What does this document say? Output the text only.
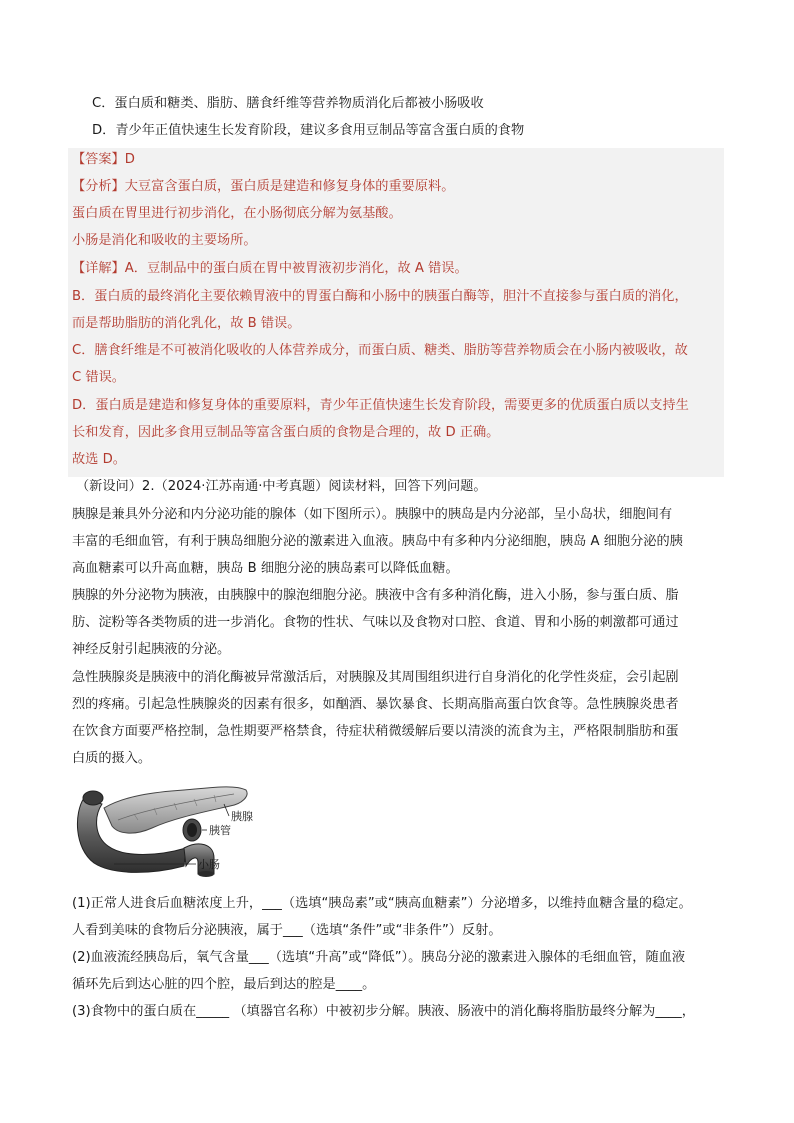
C．蛋白质和糖类、脂肪、膳食纤维等营养物质消化后都被小肠吸收
D．青少年正值快速生长发育阶段，建议多食用豆制品等富含蛋白质的食物
【答案】D
【分析】大豆富含蛋白质，蛋白质是建造和修复身体的重要原料。
蛋白质在胃里进行初步消化，在小肠彻底分解为氨基酸。
小肠是消化和吸收的主要场所。
【详解】A．豆制品中的蛋白质在胃中被胃液初步消化，故 A 错误。
B．蛋白质的最终消化主要依赖胃液中的胃蛋白酶和小肠中的胰蛋白酶等，胆汁不直接参与蛋白质的消化，
而是帮助脂肪的消化乳化，故 B 错误。
C．膳食纤维是不可被消化吸收的人体营养成分，而蛋白质、糖类、脂肪等营养物质会在小肠内被吸收，故
C 错误。
D．蛋白质是建造和修复身体的重要原料，青少年正值快速生长发育阶段，需要更多的优质蛋白质以支持生
长和发育，因此多食用豆制品等富含蛋白质的食物是合理的，故 D 正确。
故选 D。
（新设问）2.（2024·江苏南通·中考真题）阅读材料，回答下列问题。
胰腺是兼具外分泌和内分泌功能的腺体（如下图所示）。胰腺中的胰岛是内分泌部，呈小岛状，细胞间有
丰富的毛细血管，有利于胰岛细胞分泌的激素进入血液。胰岛中有多种内分泌细胞，胰岛 A 细胞分泌的胰
高血糖素可以升高血糖，胰岛 B 细胞分泌的胰岛素可以降低血糖。
胰腺的外分泌物为胰液，由胰腺中的腺泡细胞分泌。胰液中含有多种消化酶，进入小肠，参与蛋白质、脂
肪、淀粉等各类物质的进一步消化。食物的性状、气味以及食物对口腔、食道、胃和小肠的刺激都可通过
神经反射引起胰液的分泌。
急性胰腺炎是胰液中的消化酶被异常激活后，对胰腺及其周围组织进行自身消化的化学性炎症，会引起剧
烈的疼痛。引起急性胰腺炎的因素有很多，如酗酒、暴饮暴食、长期高脂高蛋白饮食等。急性胰腺炎患者
在饮食方面要严格控制，急性期要严格禁食，待症状稍微缓解后要以清淡的流食为主，严格限制脂肪和蛋
白质的摄入。
胰腺
胰管
小肠
(1)正常人进食后血糖浓度上升，___（选填“胰岛素”或“胰高血糖素”）分泌增多，以维持血糖含量的稳定。
人看到美味的食物后分泌胰液，属于___（选填“条件”或“非条件”）反射。
(2)血液流经胰岛后，氧气含量___（选填“升高”或“降低”）。胰岛分泌的激素进入腺体的毛细血管，随血液
循环先后到达心脏的四个腔，最后到达的腔是____。
(3)食物中的蛋白质在_____ （填器官名称）中被初步分解。胰液、肠液中的消化酶将脂肪最终分解为____，
